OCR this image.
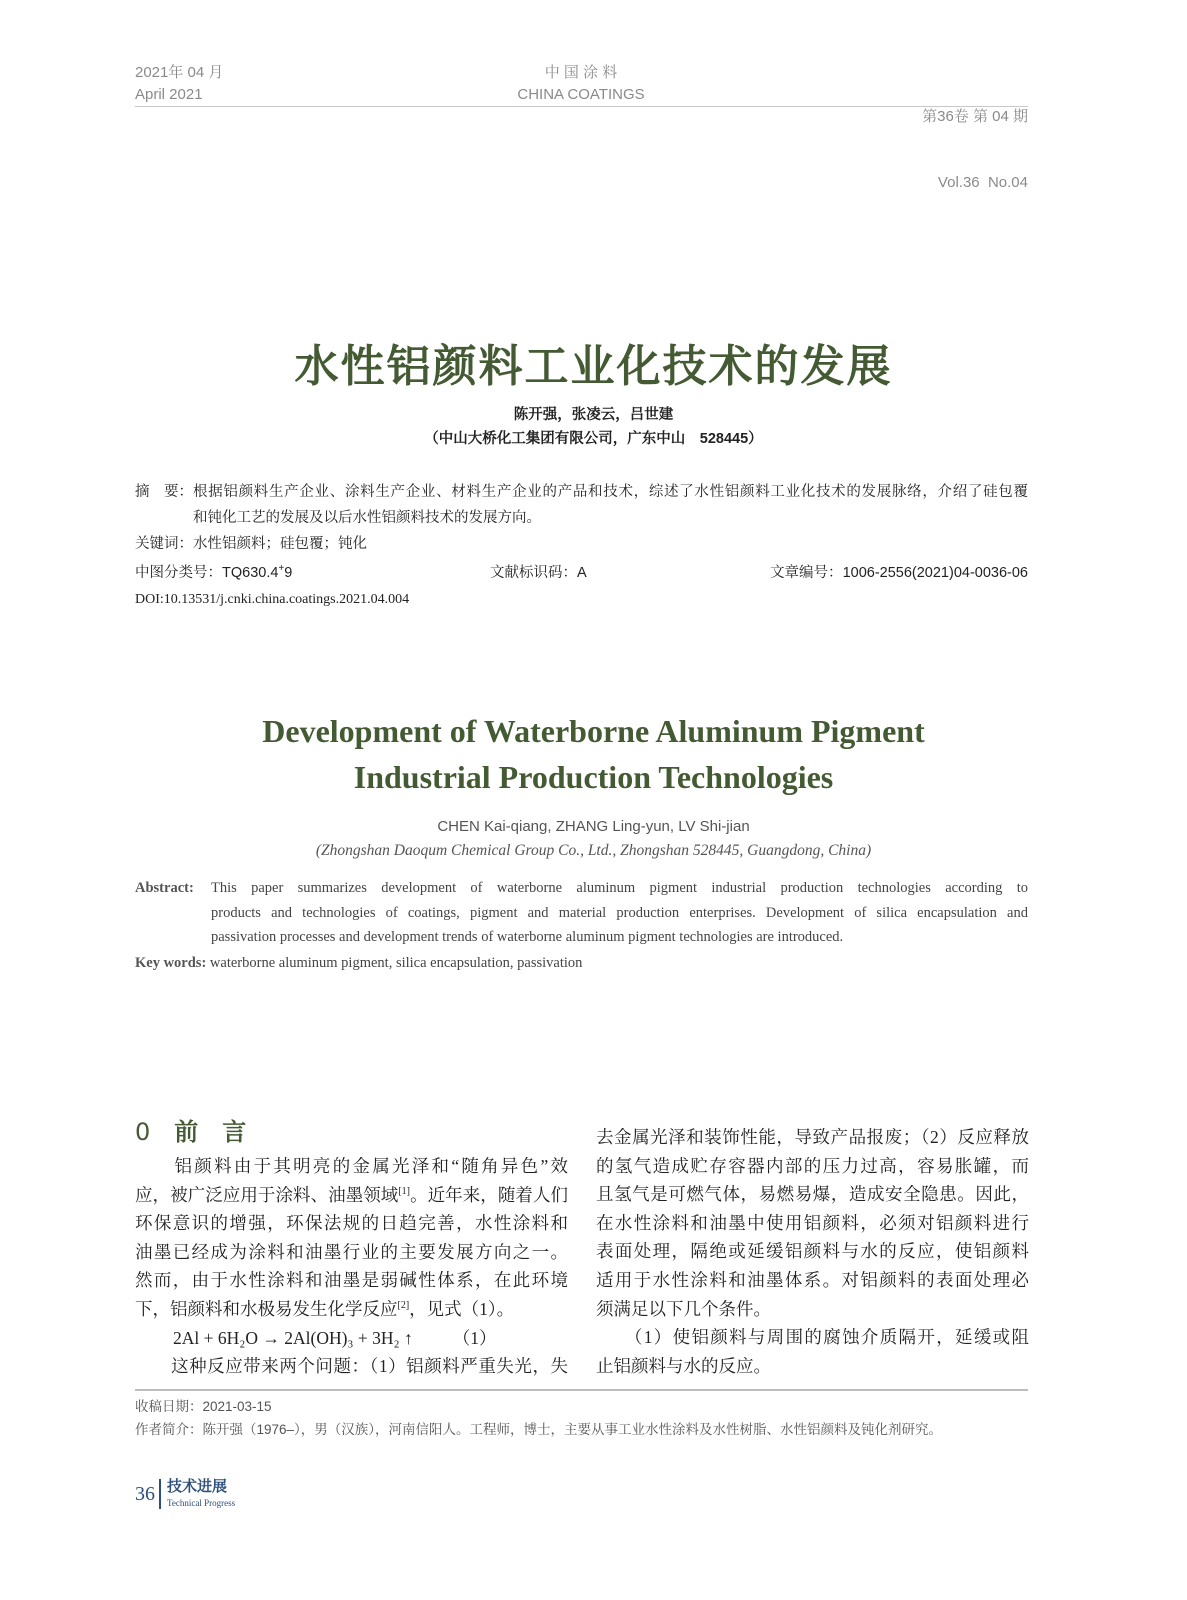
2021年 04 月
April 2021
中 国 涂 料
CHINA COATINGS

第36卷 第 04 期

Vol.36  No.04

水性铝颜料工业化技术的发展
陈开强，张凌云，吕世建
（中山大桥化工集团有限公司，广东中山　528445）
摘　要： 根据铝颜料生产企业、涂料生产企业、材料生产企业的产品和技术，综述了水性铝颜料工业化技术的发展脉络，介绍了硅包覆
和钝化工艺的发展及以后水性铝颜料技术的发展方向。
关键词：水性铝颜料；硅包覆；钝化
中图分类号：TQ630.4+9	文献标识码：A	文章编号：1006-2556(2021)04-0036-06
DOI:10.13531/j.cnki.china.coatings.2021.04.004
Development of Waterborne Aluminum Pigment
Industrial Production Technologies
CHEN Kai-qiang, ZHANG Ling-yun, LV Shi-jian
(Zhongshan Daoqum Chemical Group Co., Ltd., Zhongshan 528445, Guangdong, China)
Abstract: This paper summarizes development of waterborne aluminum pigment industrial production technologies according to
products and technologies of coatings, pigment and material production enterprises. Development of silica encapsulation and
passivation processes and development trends of waterborne aluminum pigment technologies are introduced.
Key words: waterborne aluminum pigment, silica encapsulation, passivation
0 前　言
　　铝颜料由于其明亮的金属光泽和“随角异色”效
应，被广泛应用于涂料、油墨领域[1]。近年来，随着人们
环保意识的增强，环保法规的日趋完善，水性涂料和
油墨已经成为涂料和油墨行业的主要发展方向之一。
然而，由于水性涂料和油墨是弱碱性体系，在此环境
下，铝颜料和水极易发生化学反应[2]，见式（1）。
2Al + 6H₂O → 2Al(OH)₃ + 3H₂ ↑ （1）
　　这种反应带来两个问题：（1）铝颜料严重失光，失
去金属光泽和装饰性能，导致产品报废；（2）反应释放
的氢气造成贮存容器内部的压力过高，容易胀罐，而
且氢气是可燃气体，易燃易爆，造成安全隐患。因此，
在水性涂料和油墨中使用铝颜料，必须对铝颜料进行
表面处理，隔绝或延缓铝颜料与水的反应，使铝颜料
适用于水性涂料和油墨体系。对铝颜料的表面处理必
须满足以下几个条件。
　　（1）使铝颜料与周围的腐蚀介质隔开，延缓或阻
止铝颜料与水的反应。
收稿日期：2021-03-15
作者简介：陈开强（1976–），男（汉族），河南信阳人。工程师，博士，主要从事工业水性涂料及水性树脂、水性铝颜料及钝化剂研究。
36 技术进展
Technical Progress
